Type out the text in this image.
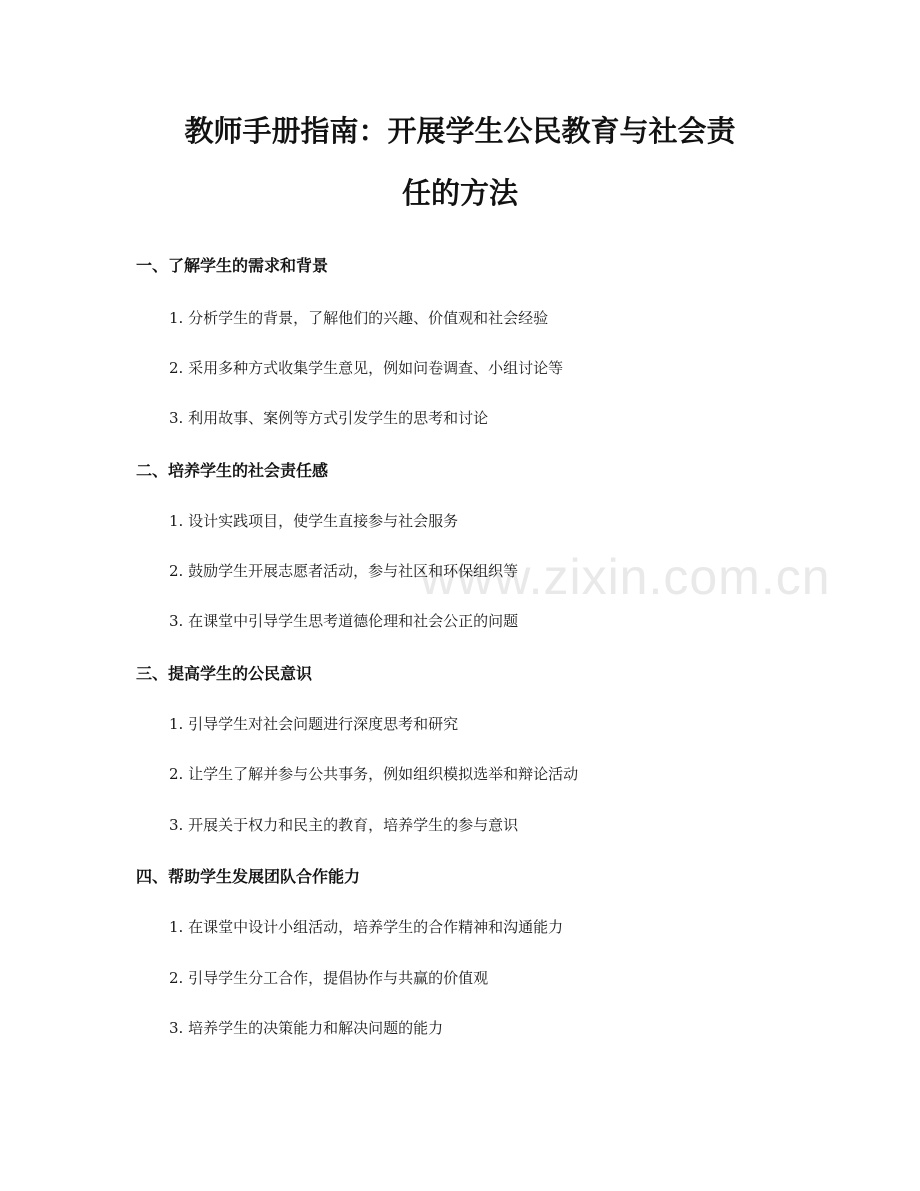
www.zixin.com.cn
教师手册指南：开展学生公民教育与社会责
任的方法
一、了解学生的需求和背景

1. 分析学生的背景，了解他们的兴趣、价值观和社会经验

2. 采用多种方式收集学生意见，例如问卷调查、小组讨论等

3. 利用故事、案例等方式引发学生的思考和讨论

二、培养学生的社会责任感

1. 设计实践项目，使学生直接参与社会服务

2. 鼓励学生开展志愿者活动，参与社区和环保组织等

3. 在课堂中引导学生思考道德伦理和社会公正的问题

三、提高学生的公民意识

1. 引导学生对社会问题进行深度思考和研究

2. 让学生了解并参与公共事务，例如组织模拟选举和辩论活动

3. 开展关于权力和民主的教育，培养学生的参与意识

四、帮助学生发展团队合作能力

1. 在课堂中设计小组活动，培养学生的合作精神和沟通能力

2. 引导学生分工合作，提倡协作与共赢的价值观

3. 培养学生的决策能力和解决问题的能力
